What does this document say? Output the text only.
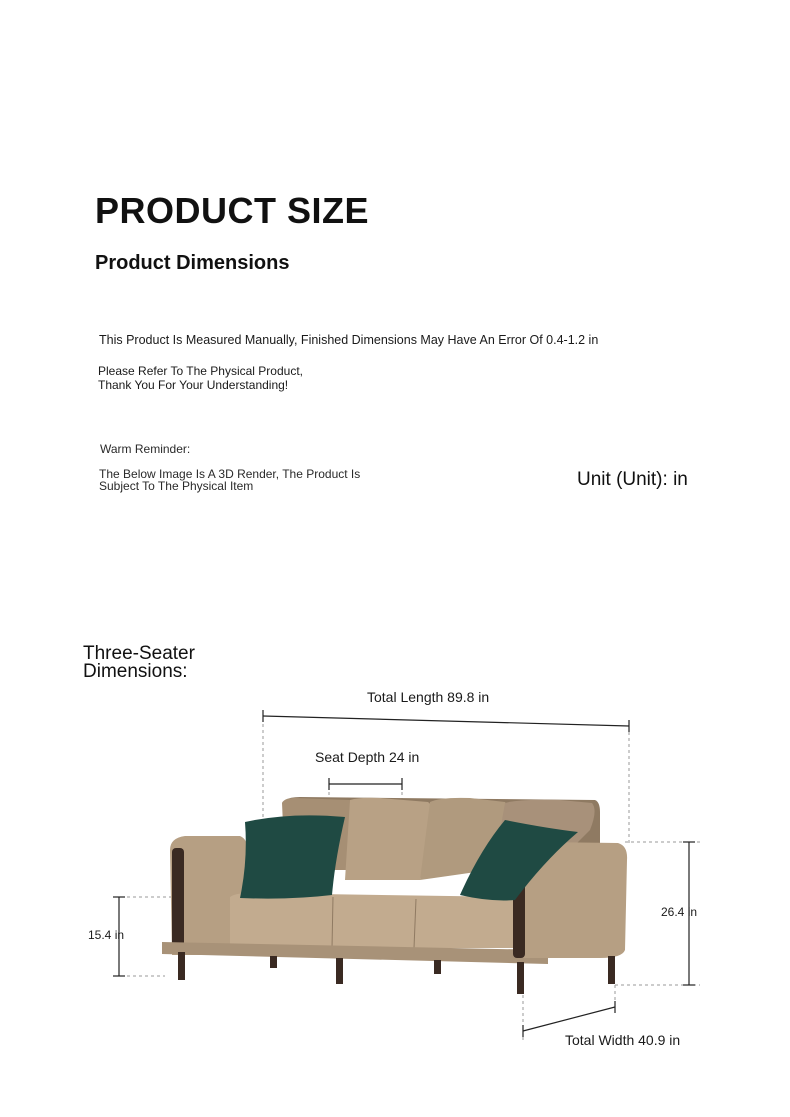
PRODUCT SIZE
Product Dimensions
This Product Is Measured Manually, Finished Dimensions May Have An Error Of 0.4-1.2 in
Please Refer To The Physical Product,
Thank You For Your Understanding!
Warm Reminder:
The Below Image Is A 3D Render, The Product Is
Subject To The Physical Item	Unit (Unit): in
Three-Seater
Dimensions:
Total Length 89.8 in
Seat Depth 24 in
15.4 in
26.4 in
Total Width 40.9 in
